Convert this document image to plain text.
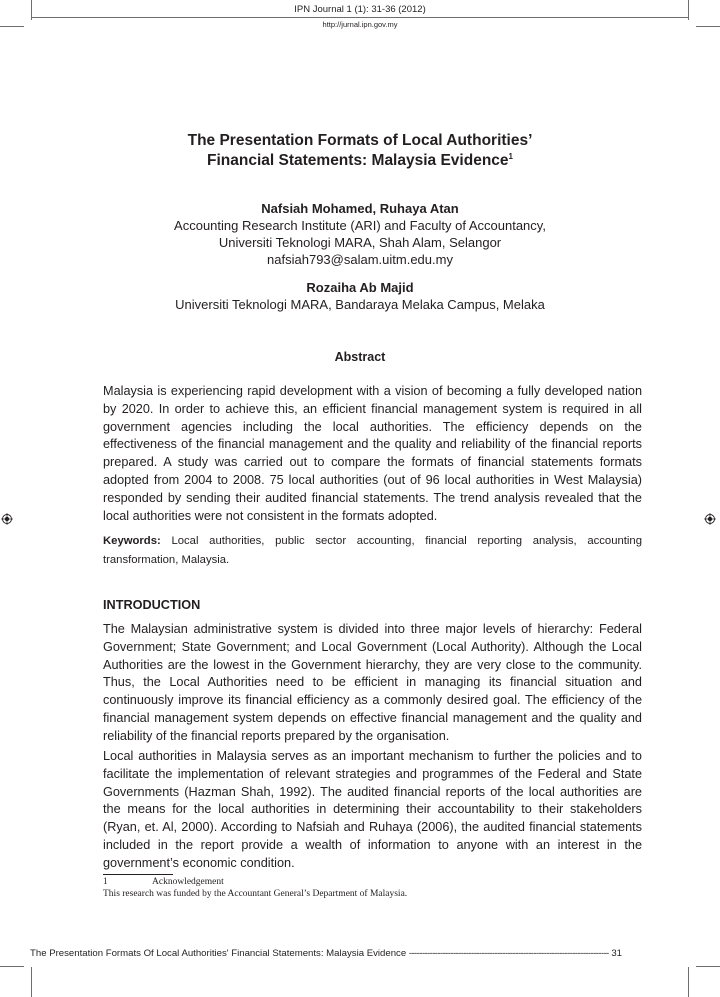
IPN Journal 1 (1): 31-36 (2012)
http://jurnal.ipn.gov.my
The Presentation Formats of Local Authorities’
Financial Statements: Malaysia Evidence$^1$
Nafsiah Mohamed, Ruhaya Atan
Accounting Research Institute (ARI) and Faculty of Accountancy,
Universiti Teknologi MARA, Shah Alam, Selangor
nafsiah793@salam.uitm.edu.my
Rozaiha Ab Majid
Universiti Teknologi MARA, Bandaraya Melaka Campus, Melaka
Abstract
Malaysia is experiencing rapid development with a vision of becoming a fully developed nation by 2020. In order to achieve this, an efficient financial management system is required in all government agencies including the local authorities. The efficiency depends on the effectiveness of the financial management and the quality and reliability of the financial reports prepared. A study was carried out to compare the formats of financial statements formats adopted from 2004 to 2008. 75 local authorities (out of 96 local authorities in West Malaysia) responded by sending their audited financial statements. The trend analysis revealed that the local authorities were not consistent in the formats adopted.
Keywords: Local authorities, public sector accounting, financial reporting analysis, accounting transformation, Malaysia.
INTRODUCTION
The Malaysian administrative system is divided into three major levels of hierarchy: Federal Government; State Government; and Local Government (Local Authority). Although the Local Authorities are the lowest in the Government hierarchy, they are very close to the community. Thus, the Local Authorities need to be efficient in managing its financial situation and continuously improve its financial efficiency as a commonly desired goal. The efficiency of the financial management system depends on effective financial management and the quality and reliability of the financial reports prepared by the organisation.
Local authorities in Malaysia serves as an important mechanism to further the policies and to facilitate the implementation of relevant strategies and programmes of the Federal and State Governments (Hazman Shah, 1992). The audited financial reports of the local authorities are the means for the local authorities in determining their accountability to their stakeholders (Ryan, et. Al, 2000). According to Nafsiah and Ruhaya (2006), the audited financial statements included in the report provide a wealth of information to anyone with an interest in the government’s economic condition.
1	Acknowledgement
This research was funded by the Accountant General’s Department of Malaysia.
The Presentation Formats Of Local Authorities' Financial Statements: Malaysia Evidence ----------------------------------------------------------------------------- 31
